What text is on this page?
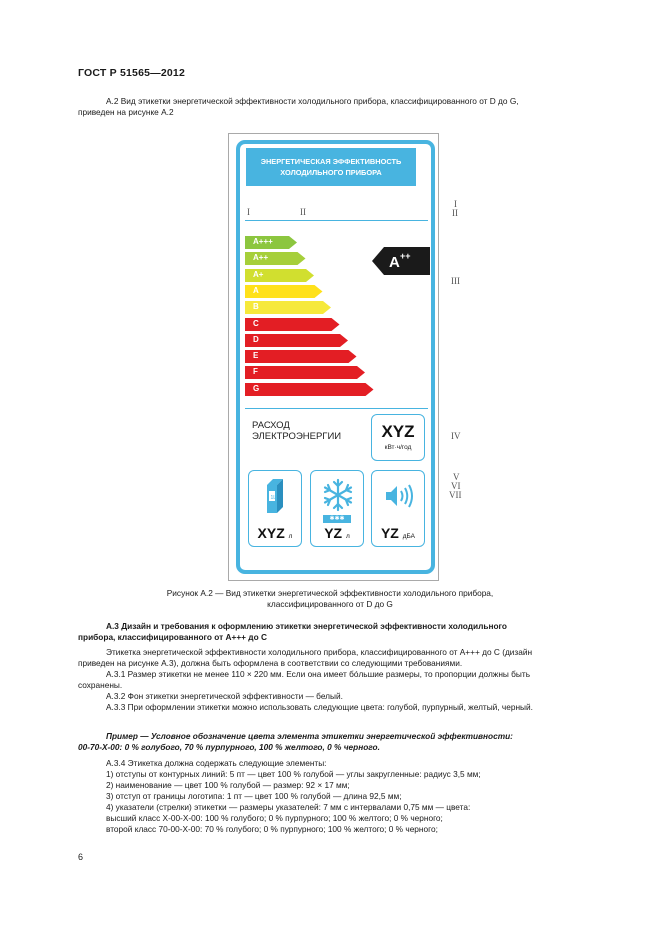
ГОСТ Р 51565—2012
А.2 Вид этикетки энергетической эффективности холодильного прибора, классифицированного от D до G,
приведен на рисунке А.2
ЭНЕРГЕТИЧЕСКАЯ ЭФФЕКТИВНОСТЬ
ХОЛОДИЛЬНОГО ПРИБОРА
I	II
A+++
A++
A+
A
B
C
D
E
F
G
A ++
РАСХОД
ЭЛЕКТРОЭНЕРГИИ	XYZ
кВт·ч/год
1L
XYZ л
✱✱✱
YZ л	YZ дБА
I
II
III
IV
V
VI
VII
Рисунок А.2 — Вид этикетки энергетической эффективности холодильного прибора,
классифицированного от D до G
А.3 Дизайн и требования к оформлению этикетки энергетической эффективности холодильного
прибора, классифицированного от А+++ до С
Этикетка энергетической эффективности холодильного прибора, классифицированного от А+++ до С (дизайн
приведен на рисунке А.3), должна быть оформлена в соответствии со следующими требованиями.
А.3.1 Размер этикетки не менее 110 × 220 мм. Если она имеет бóльшие размеры, то пропорции должны быть
сохранены.
А.3.2 Фон этикетки энергетической эффективности — белый.
А.3.3 При оформлении этикетки можно использовать следующие цвета: голубой, пурпурный, желтый, черный.
Пример — Условное обозначение цвета элемента этикетки энергетической эффективности:
00-70-X-00: 0 % голубого, 70 % пурпурного, 100 % желтого, 0 % черного.
А.3.4 Этикетка должна содержать следующие элементы:
1) отступы от контурных линий: 5 пт — цвет 100 % голубой — углы закругленные: радиус 3,5 мм;
2) наименование — цвет 100 % голубой — размер: 92 × 17 мм;
3) отступ от границы логотипа: 1 пт — цвет 100 % голубой — длина 92,5 мм;
4) указатели (стрелки) этикетки — размеры указателей: 7 мм с интервалами 0,75 мм — цвета:
высший класс X-00-X-00: 100 % голубого; 0 % пурпурного; 100 % желтого; 0 % черного;
второй класс 70-00-X-00: 70 % голубого; 0 % пурпурного; 100 % желтого; 0 % черного;
6
